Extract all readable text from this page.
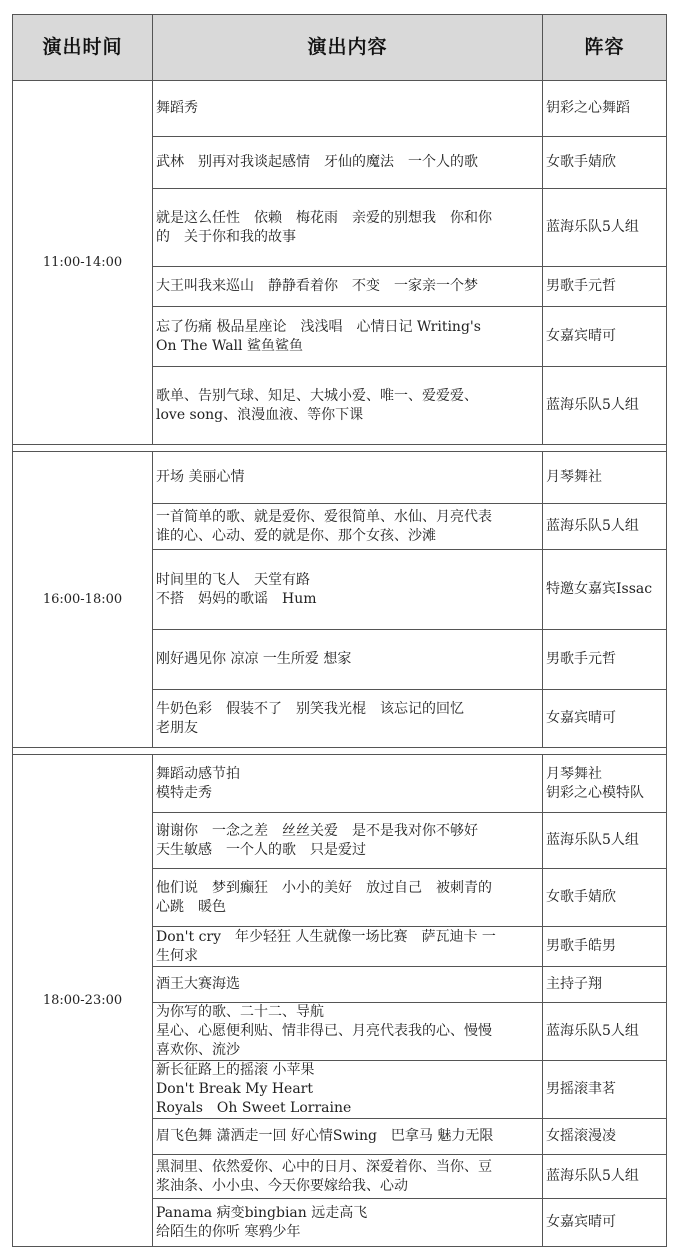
演出时间	演出内容	阵容
11:00-14:00	舞蹈秀	钥彩之心舞蹈

	武林　别再对我谈起感情　牙仙的魔法　一个人的歌	女歌手婧欣

	就是这么任性　依赖　梅花雨　亲爱的别想我　你和你
的　关于你和我的故事	蓝海乐队5人组

	大王叫我来巡山　静静看着你　不变　一家亲一个梦	男歌手元哲

	忘了伤痛 极品星座论　浅浅唱　心情日记 Writing's
On The Wall 鲨鱼鲨鱼	女嘉宾晴可

	歌单、告别气球、知足、大城小爱、唯一、爱爱爱、
love song、浪漫血液、等你下课	蓝海乐队5人组

16:00-18:00	开场 美丽心情	月琴舞社

	一首简单的歌、就是爱你、爱很简单、水仙、月亮代表
谁的心、心动、爱的就是你、那个女孩、沙滩	蓝海乐队5人组

	时间里的飞人　天堂有路
不搭　妈妈的歌谣　Hum	特邀女嘉宾Issac

	刚好遇见你 凉凉 一生所爱 想家	男歌手元哲

	牛奶色彩　假装不了　别笑我光棍　该忘记的回忆
老朋友	女嘉宾晴可

18:00-23:00	舞蹈动感节拍
模特走秀	月琴舞社
钥彩之心模特队

	谢谢你　一念之差　丝丝关爱　是不是我对你不够好
天生敏感　一个人的歌　只是爱过	蓝海乐队5人组

	他们说　梦到癫狂　小小的美好　放过自己　被刺青的
心跳　暖色	女歌手婧欣

	Don't cry　年少轻狂 人生就像一场比赛　萨瓦迪卡 一
生何求	男歌手皓男

	酒王大赛海选	主持子翔

	为你写的歌、二十二、导航
星心、心愿便利贴、情非得已、月亮代表我的心、慢慢
喜欢你、流沙	蓝海乐队5人组

	新长征路上的摇滚 小苹果
Don't Break My Heart
Royals　Oh Sweet Lorraine	男摇滚聿茗

	眉飞色舞 潇洒走一回 好心情Swing　巴拿马 魅力无限	女摇滚漫凌

	黑洞里、依然爱你、心中的日月、深爱着你、当你、豆
浆油条、小小虫、今天你要嫁给我、心动	蓝海乐队5人组

	Panama 病变bingbian 远走高飞
给陌生的你听 寒鸦少年	女嘉宾晴可
